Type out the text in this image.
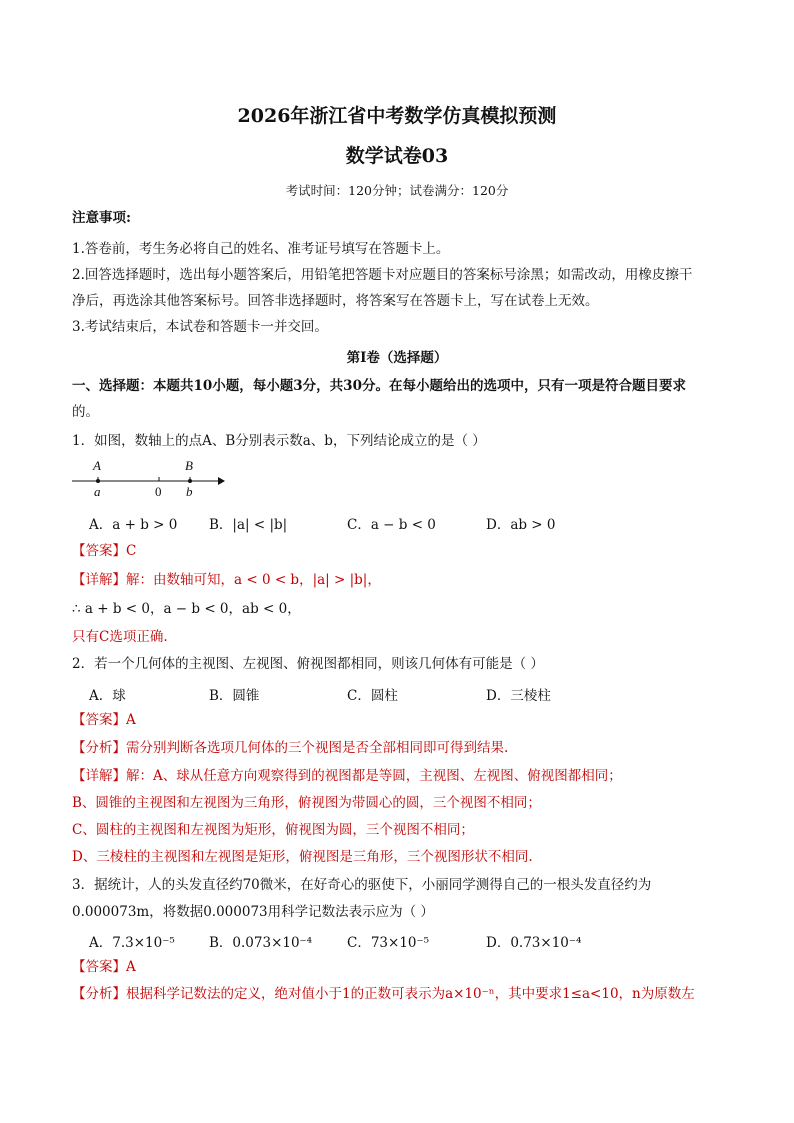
2026年浙江省中考数学仿真模拟预测
数学试卷03
考试时间：120分钟；试卷满分：120分
注意事项:
1.答卷前，考生务必将自己的姓名、准考证号填写在答题卡上。
2.回答选择题时，选出每小题答案后，用铅笔把答题卡对应题目的答案标号涂黑；如需改动，用橡皮擦干
净后，再选涂其他答案标号。回答非选择题时，将答案写在答题卡上，写在试卷上无效。
3.考试结束后，本试卷和答题卡一并交回。
第I卷（选择题）
一、选择题：本题共10小题，每小题3分，共30分。在每小题给出的选项中，只有一项是符合题目要求
的。
1．如图，数轴上的点A、B分别表示数a、b，下列结论成立的是（ ）
A	B
a	0 b
A．a + b > 0 B．|a| < |b|	C．a − b < 0	D．ab > 0
【答案】C
【详解】解：由数轴可知，a < 0 < b，|a| > |b|，
∴ a + b < 0，a − b < 0，ab < 0，
只有C选项正确.
2．若一个几何体的主视图、左视图、俯视图都相同，则该几何体有可能是（ ）
A．球	B．圆锥	C．圆柱	D．三棱柱
【答案】A
【分析】需分别判断各选项几何体的三个视图是否全部相同即可得到结果.
【详解】解：A、球从任意方向观察得到的视图都是等圆，主视图、左视图、俯视图都相同；
B、圆锥的主视图和左视图为三角形，俯视图为带圆心的圆，三个视图不相同；
C、圆柱的主视图和左视图为矩形，俯视图为圆，三个视图不相同；
D、三棱柱的主视图和左视图是矩形，俯视图是三角形，三个视图形状不相同.
3．据统计，人的头发直径约70微米，在好奇心的驱使下，小丽同学测得自己的一根头发直径约为
0.000073m，将数据0.000073用科学记数法表示应为（ ）
A．7.3×10⁻⁵	B．0.073×10⁻⁴	C．73×10⁻⁵	D．0.73×10⁻⁴
【答案】A
【分析】根据科学记数法的定义，绝对值小于1的正数可表示为a×10⁻ⁿ，其中要求1≤a<10，n为原数左
